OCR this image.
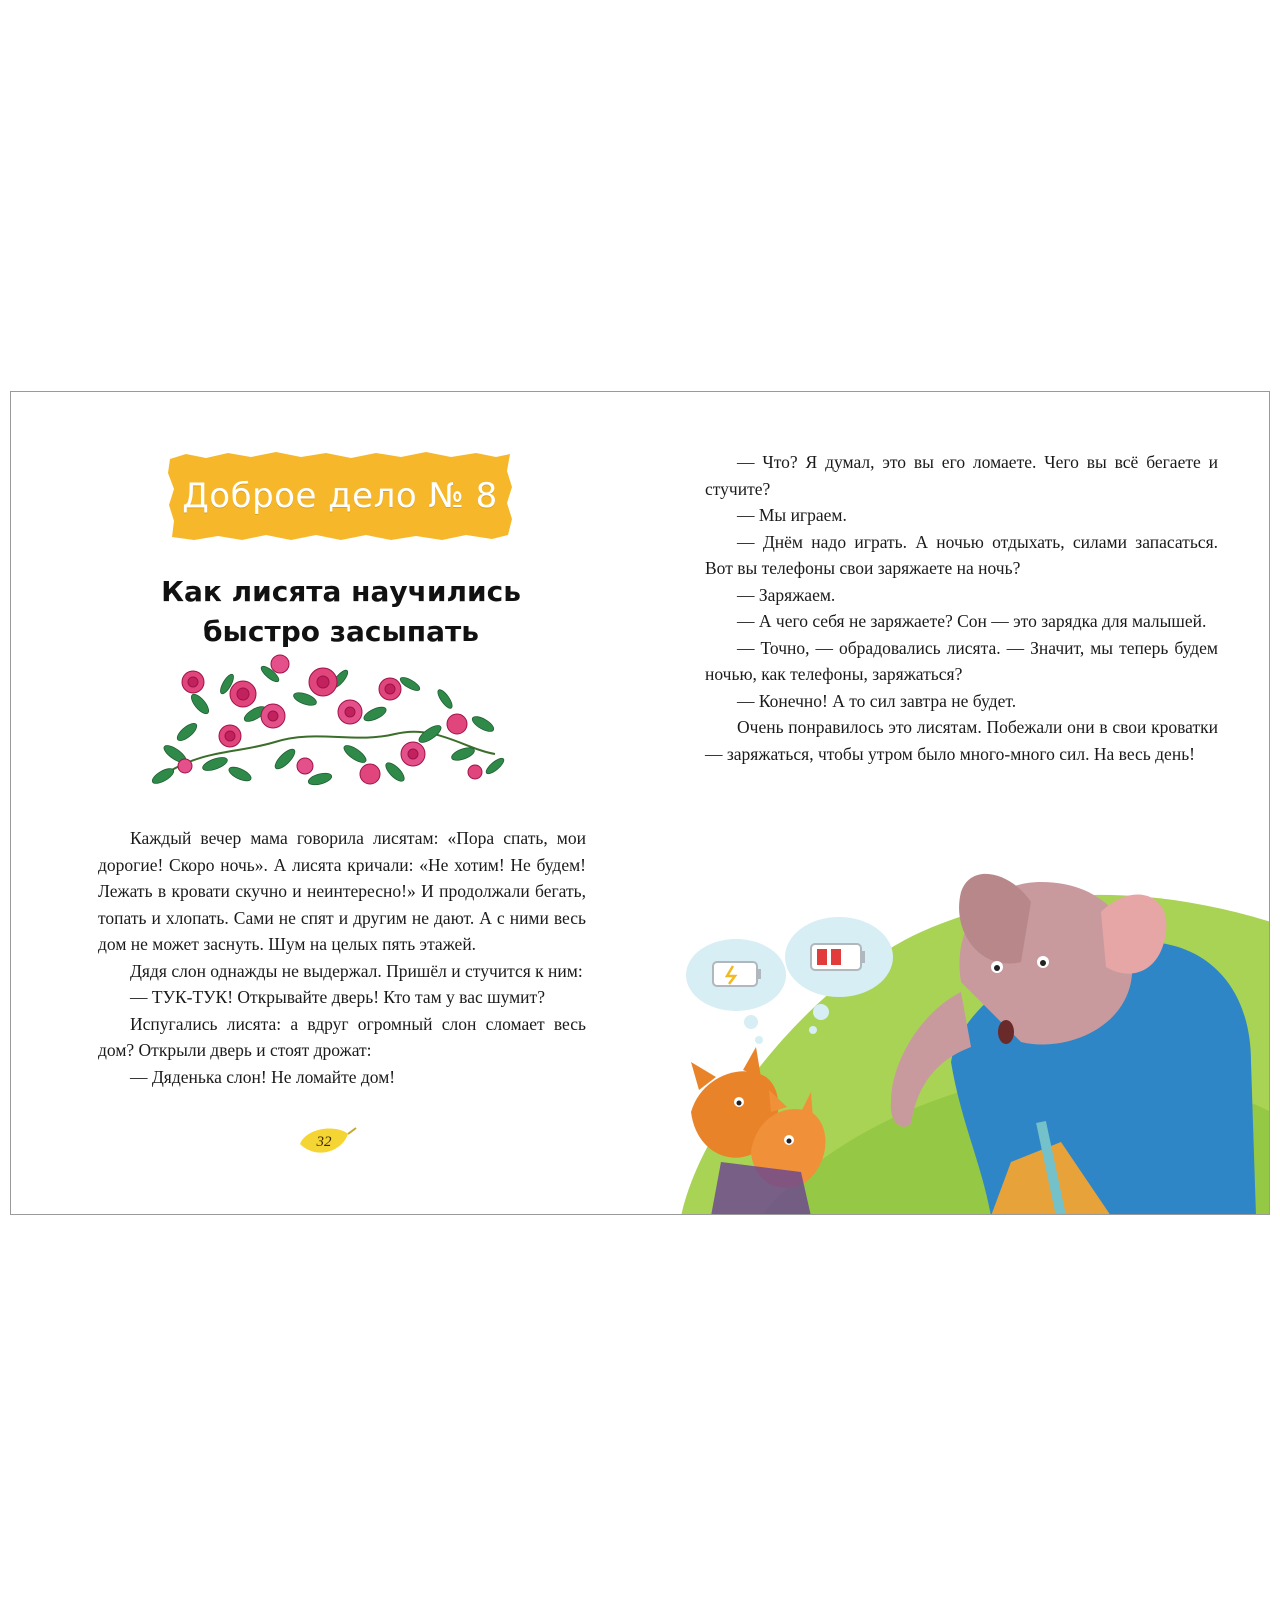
Доброе дело № 8
Как лисята научились
быстро засыпать

Каждый вечер мама говорила лисятам: «Пора спать, мои дорогие! Скоро ночь». А лисята кричали: «Не хотим! Не будем! Лежать в кровати скучно и неинтересно!» И продолжали бегать, топать и хлопать. Сами не спят и другим не дают. А с ними весь дом не может заснуть. Шум на целых пять этажей.

Дядя слон однажды не выдержал. Пришёл и стучится к ним:

— ТУК-ТУК! Открывайте дверь! Кто там у вас шумит?

Испугались лисята: а вдруг огромный слон сломает весь дом? Открыли дверь и стоят дрожат:

— Дяденька слон! Не ломайте дом!

32

— Что? Я думал, это вы его ломаете. Чего вы всё бегаете и стучите?

— Мы играем.

— Днём надо играть. А ночью отдыхать, силами запасаться. Вот вы телефоны свои заряжаете на ночь?

— Заряжаем.

— А чего себя не заряжаете? Сон — это зарядка для малышей.

— Точно, — обрадовались лисята. — Значит, мы теперь будем ночью, как телефоны, заряжаться?

— Конечно! А то сил завтра не будет.

Очень понравилось это лисятам. Побежали они в свои кроватки — заряжаться, чтобы утром было много-много сил. На весь день!
